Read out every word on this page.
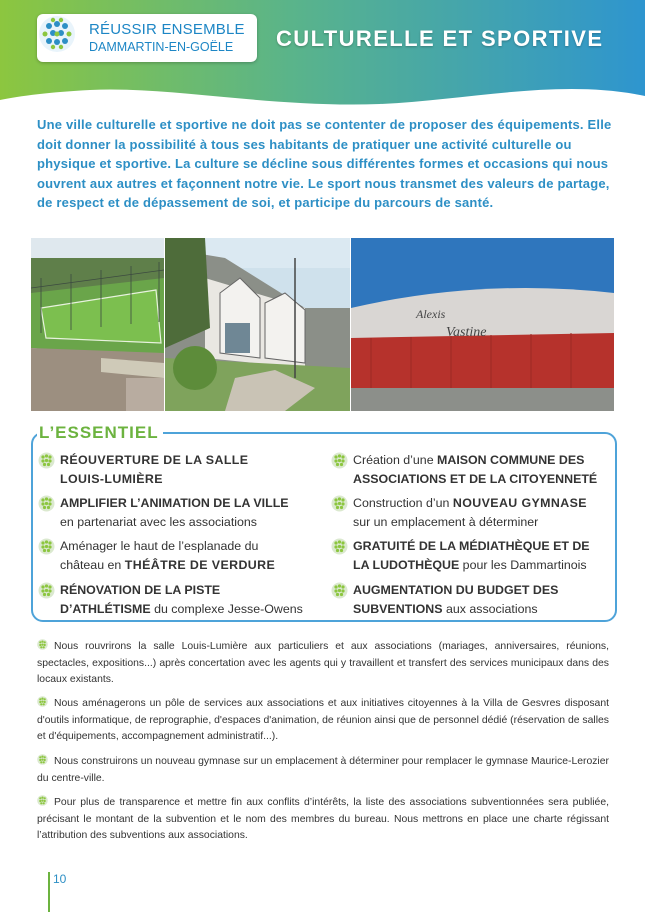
RÉUSSIR ENSEMBLE
DAMMARTIN-EN-GOËLE CULTURELLE ET SPORTIVE
Une ville culturelle et sportive ne doit pas se contenter de proposer des équipements. Elle doit donner la possibilité à tous ses habitants de pratiquer une activité culturelle ou physique et sportive. La culture se décline sous différentes formes et occasions qui nous ouvrent aux autres et façonnent notre vie. Le sport nous transmet des valeurs de partage, de respect et de dépassement de soi, et participe du parcours de santé.
Alexis
Vastine
L’ESSENTIEL
RÉOUVERTURE DE LA SALLE
LOUIS-LUMIÈRE
AMPLIFIER L’ANIMATION DE LA VILLE
en partenariat avec les associations
Aménager le haut de l’esplanade du
château en THÉÂTRE DE VERDURE
RÉNOVATION DE LA PISTE
D’ATHLÉTISME du complexe Jesse-Owens
Création d’une MAISON COMMUNE DES
ASSOCIATIONS ET DE LA CITOYENNETÉ
Construction d’un NOUVEAU GYMNASE
sur un emplacement à déterminer
GRATUITÉ DE LA MÉDIATHÈQUE ET DE
LA LUDOTHÈQUE pour les Dammartinois
AUGMENTATION DU BUDGET DES
SUBVENTIONS aux associations
Nous rouvrirons la salle Louis-Lumière aux particuliers et aux associations (mariages, anniversaires, réunions, spectacles, expositions...) après concertation avec les agents qui y travaillent et transfert des services municipaux dans des locaux existants.
Nous aménagerons un pôle de services aux associations et aux initiatives citoyennes à la Villa de Gesvres disposant d'outils informatique, de reprographie, d'espaces d'animation, de réunion ainsi que de personnel dédié (réservation de salles et d'équipements, accompagnement administratif...).
Nous construirons un nouveau gymnase sur un emplacement à déterminer pour remplacer le gymnase Maurice-Lerozier du centre-ville.
Pour plus de transparence et mettre fin aux conflits d’intérêts, la liste des associations subventionnées sera publiée, précisant le montant de la subvention et le nom des membres du bureau. Nous mettrons en place une charte régissant l’attribution des subventions aux associations.
10
